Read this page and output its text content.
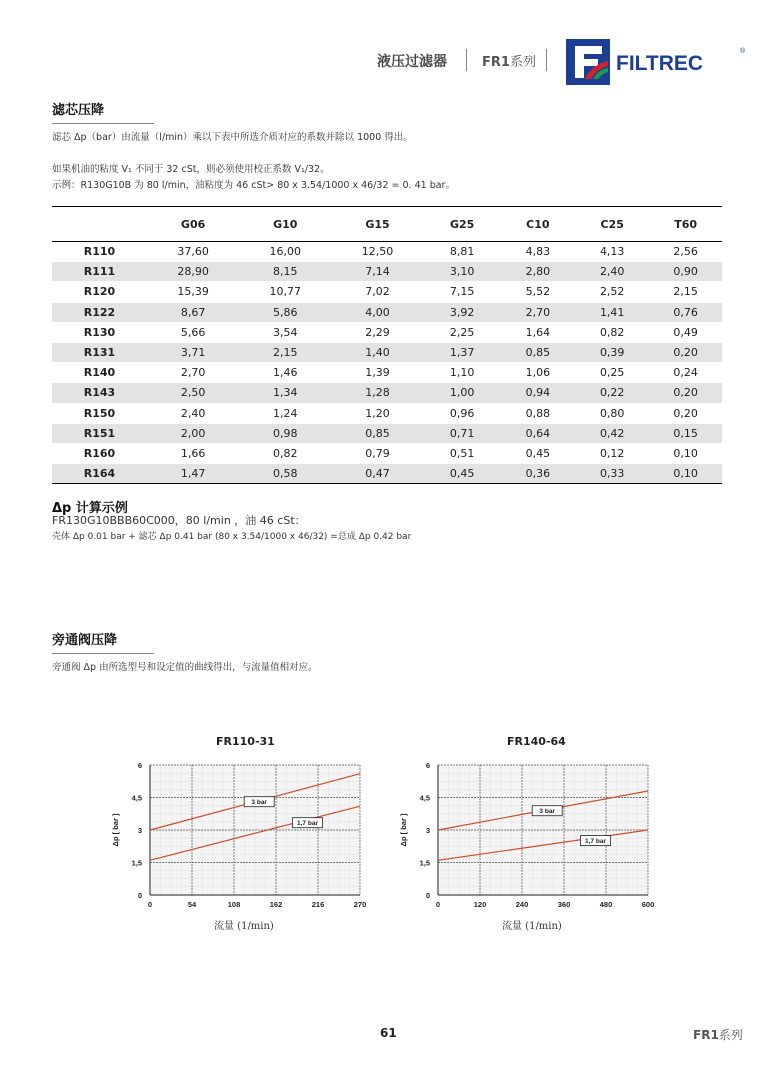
液压过滤器	FR1系列	FILTREC
®
滤芯压降
滤芯 Δp（bar）由流量（l/min）乘以下表中所选介质对应的系数并除以 1000 得出。
如果机油的粘度 V₁ 不同于 32 cSt，则必须使用校正系数 V₁/32。
示例：R130G10B 为 80 l/min，油粘度为 46 cSt> 80 x 3.54/1000 x 46/32 = 0. 41 bar。
	G06	G10	G15	G25	C10	C25	T60
R110	37,60	16,00	12,50	8,81	4,83	4,13	2,56
R111	28,90	8,15	7,14	3,10	2,80	2,40	0,90
R120	15,39	10,77	7,02	7,15	5,52	2,52	2,15
R122	8,67	5,86	4,00	3,92	2,70	1,41	0,76
R130	5,66	3,54	2,29	2,25	1,64	0,82	0,49
R131	3,71	2,15	1,40	1,37	0,85	0,39	0,20
R140	2,70	1,46	1,39	1,10	1,06	0,25	0,24
R143	2,50	1,34	1,28	1,00	0,94	0,22	0,20
R150	2,40	1,24	1,20	0,96	0,88	0,80	0,20
R151	2,00	0,98	0,85	0,71	0,64	0,42	0,15
R160	1,66	0,82	0,79	0,51	0,45	0,12	0,10
R164	1,47	0,58	0,47	0,45	0,36	0,33	0,10
Δp 计算示例
FR130G10BBB60C000，80 l/min ，油 46 cSt：
壳体 Δp 0.01 bar + 滤芯 Δp 0.41 bar (80 x 3.54/1000 x 46/32) =总成 Δp 0.42 bar
旁通阀压降
旁通阀 Δp 由所选型号和设定值的曲线得出，与流量值相对应。
FR110-31	FR140-64
0	54	108	162	216	270
0
1,5
3
4,5
6
Δp [ bar ]
3 bar
1,7 bar
0	120	240	360	480	600
0
1,5
3
4,5
6
Δp [ bar ]
3 bar
1,7 bar
流量 (1/min)	流量 (1/min)
61	FR1系列
